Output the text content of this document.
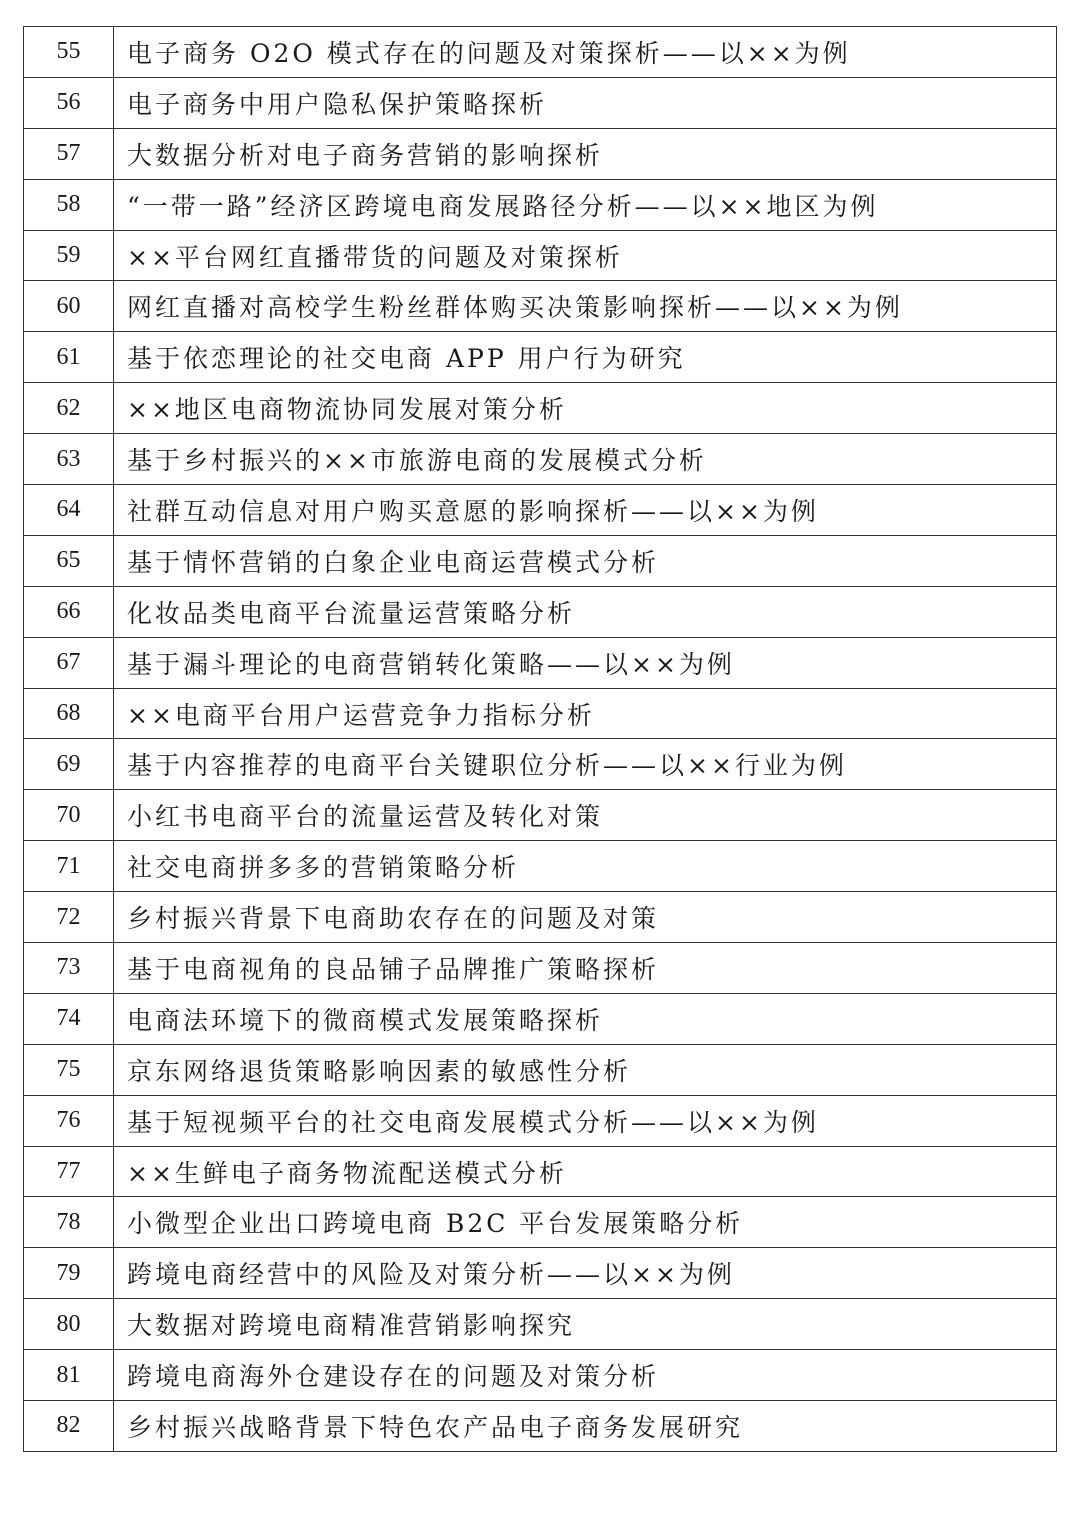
55	电子商务 O2O 模式存在的问题及对策探析——以××为例
56	电子商务中用户隐私保护策略探析
57	大数据分析对电子商务营销的影响探析
58	“一带一路”经济区跨境电商发展路径分析——以××地区为例
59	××平台网红直播带货的问题及对策探析
60	网红直播对高校学生粉丝群体购买决策影响探析——以××为例
61	基于依恋理论的社交电商 APP 用户行为研究
62	××地区电商物流协同发展对策分析
63	基于乡村振兴的××市旅游电商的发展模式分析
64	社群互动信息对用户购买意愿的影响探析——以××为例
65	基于情怀营销的白象企业电商运营模式分析
66	化妆品类电商平台流量运营策略分析
67	基于漏斗理论的电商营销转化策略——以××为例
68	××电商平台用户运营竞争力指标分析
69	基于内容推荐的电商平台关键职位分析——以××行业为例
70	小红书电商平台的流量运营及转化对策
71	社交电商拼多多的营销策略分析
72	乡村振兴背景下电商助农存在的问题及对策
73	基于电商视角的良品铺子品牌推广策略探析
74	电商法环境下的微商模式发展策略探析
75	京东网络退货策略影响因素的敏感性分析
76	基于短视频平台的社交电商发展模式分析——以××为例
77	××生鲜电子商务物流配送模式分析
78	小微型企业出口跨境电商 B2C 平台发展策略分析
79	跨境电商经营中的风险及对策分析——以××为例
80	大数据对跨境电商精准营销影响探究
81	跨境电商海外仓建设存在的问题及对策分析
82	乡村振兴战略背景下特色农产品电子商务发展研究
